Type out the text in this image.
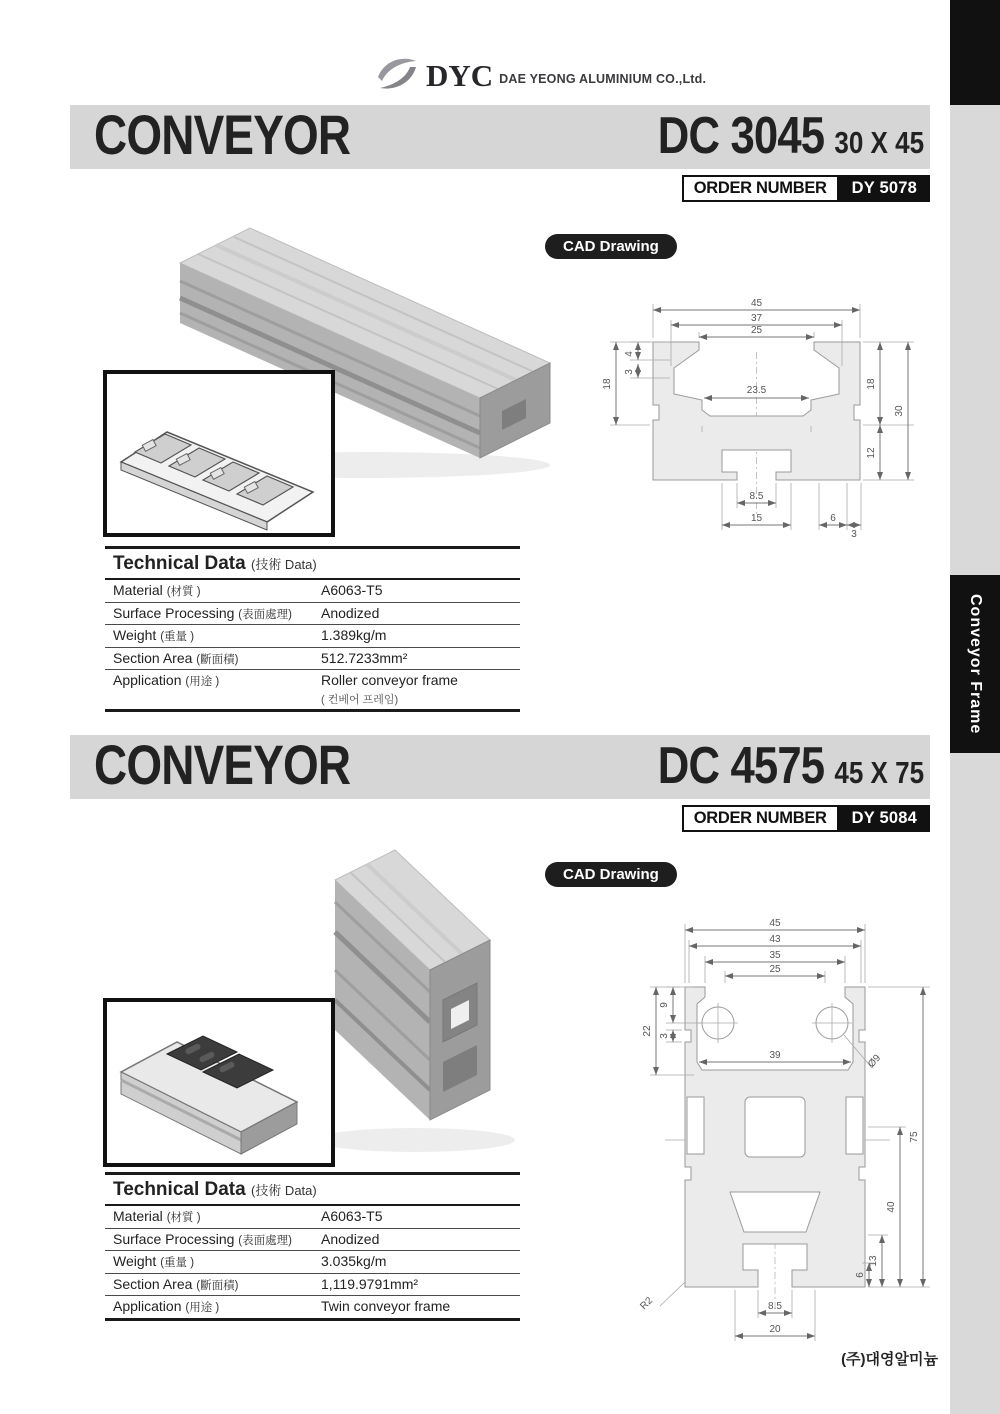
Conveyor Frame
DYC DAE YEONG ALUMINIUM CO.,Ltd.
CONVEYOR	DC 3045 30 X 45
ORDER NUMBER	DY 5078
CAD Drawing
45
37
25
23.5
4
3
18	18
12
30
8.5
15	6
3
Technical Data (技術 Data)
Material (材質 )	A6063-T5
Surface Processing (表面處理)	Anodized
Weight (重量 )	1.389kg/m
Section Area (斷面積)	512.7233mm²
Application (用途 )	Roller conveyor frame
( 컨베어 프레임)
CONVEYOR	DC 4575 45 X 75
ORDER NUMBER	DY 5084
CAD Drawing
45
43
35
25
39
9
3
22
Ø9
75
40
13
6
R2	8.5
20
Technical Data (技術 Data)
Material (材質 )	A6063-T5
Surface Processing (表面處理)	Anodized
Weight (重量 )	3.035kg/m
Section Area (斷面積)	1,119.9791mm²
Application (用途 )	Twin conveyor frame
(주)대영알미늄
